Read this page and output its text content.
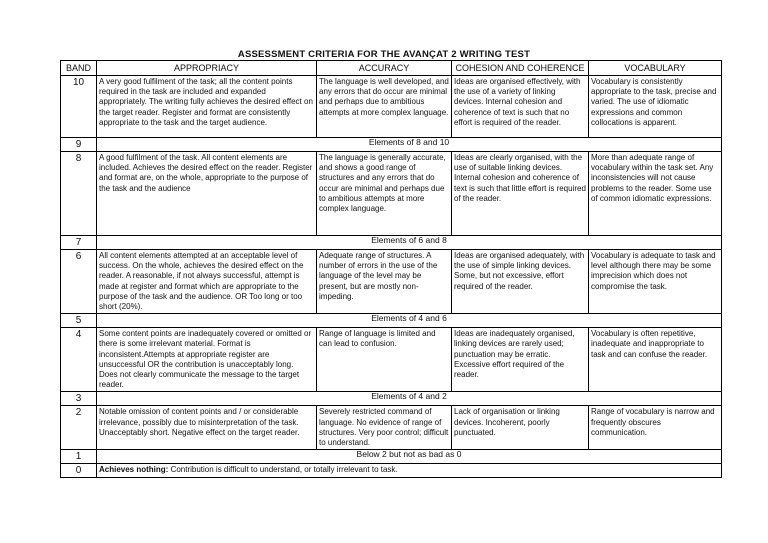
ASSESSMENT CRITERIA FOR THE AVANÇAT 2 WRITING TEST
BAND	APPROPRIACY	ACCURACY	COHESION AND COHERENCE	VOCABULARY
10	A very good fulfilment of the task; all the content points required in the task are included and expanded appropriately. The writing fully achieves the desired effect on the target reader. Register and format are consistently appropriate to the task and the target audience.	The language is well developed, and any errors that do occur are minimal and perhaps due to ambitious attempts at more complex language.	Ideas are organised effectively, with the use of a variety of linking devices. Internal cohesion and coherence of text is such that no effort is required of the reader.	Vocabulary is consistently appropriate to the task, precise and varied. The use of idiomatic expressions and common collocations is apparent.
9	Elements of 8 and 10			
8	A good fulfilment of the task. All content elements are included. Achieves the desired effect on the reader. Register and format are, on the whole, appropriate to the purpose of the task and the audience	The language is generally accurate, and shows a good range of structures and any errors that do occur are minimal and perhaps due to ambitious attempts at more complex language.	Ideas are clearly organised, with the use of suitable linking devices. Internal cohesion and coherence of text is such that little effort is required of the reader.	More than adequate range of vocabulary within the task set. Any inconsistencies will not cause problems to the reader. Some use of common idiomatic expressions.
7	Elements of 6 and 8			
6	All content elements attempted at an acceptable level of success. On the whole, achieves the desired effect on the reader. A reasonable, if not always successful, attempt is made at register and format which are appropriate to the purpose of the task and the audience. OR Too long or too short (20%).	Adequate range of structures. A number of errors in the use of the language of the level may be present, but are mostly non-impeding.	Ideas are organised adequately, with the use of simple linking devices. Some, but not excessive, effort required of the reader.	Vocabulary is adequate to task and level although there may be some imprecision which does not compromise the task.
5	Elements of 4 and 6			
4	Some content points are inadequately covered or omitted or there is some irrelevant material. Format is inconsistent.Attempts at appropriate register are unsuccessful OR the contribution is unacceptably long. Does not clearly communicate the message to the target reader.	Range of language is limited and can lead to confusion.	Ideas are inadequately organised, linking devices are rarely used; punctuation may be erratic. Excessive effort required of the reader.	Vocabulary is often repetitive, inadequate and inappropriate to task and can confuse the reader.
3	Elements of 4 and 2			
2	Notable omission of content points and / or considerable irrelevance, possibly due to misinterpretation of the task. Unacceptably short. Negative effect on the target reader.	Severely restricted command of language. No evidence of range of structures. Very poor control; difficult to understand.	Lack of organisation or linking devices. Incoherent, poorly punctuated.	Range of vocabulary is narrow and frequently obscures communication.
1	Below 2 but not as bad as 0			
0	Achieves nothing: Contribution is difficult to understand, or totally irrelevant to task.			
